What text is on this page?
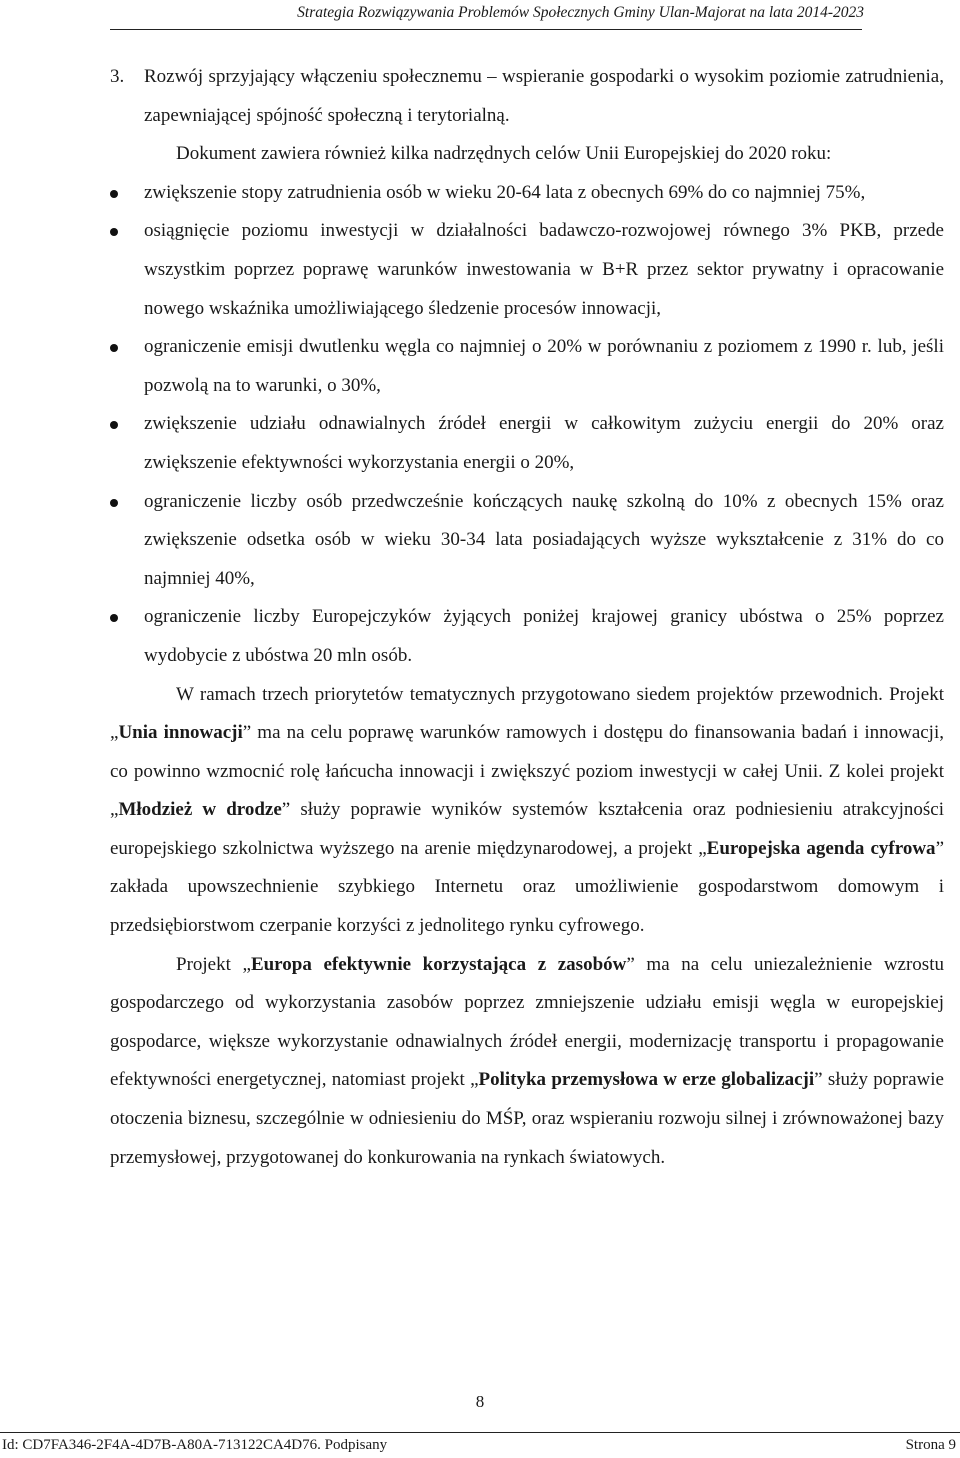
Strategia Rozwiązywania Problemów Społecznych Gminy Ulan-Majorat na lata 2014-2023
3.	Rozwój sprzyjający włączeniu społecznemu – wspieranie gospodarki o wysokim poziomie zatrudnienia, zapewniającej spójność społeczną i terytorialną.

Dokument zawiera również kilka nadrzędnych celów Unii Europejskiej do 2020 roku:

zwiększenie stopy zatrudnienia osób w wieku 20-64 lata z obecnych 69% do co najmniej 75%,
osiągnięcie poziomu inwestycji w działalności badawczo-rozwojowej równego 3% PKB, przede wszystkim poprzez poprawę warunków inwestowania w B+R przez sektor prywatny i opracowanie nowego wskaźnika umożliwiającego śledzenie procesów innowacji,
ograniczenie emisji dwutlenku węgla co najmniej o 20% w porównaniu z poziomem z 1990 r. lub, jeśli pozwolą na to warunki, o 30%,
zwiększenie udziału odnawialnych źródeł energii w całkowitym zużyciu energii do 20% oraz zwiększenie efektywności wykorzystania energii o 20%,
ograniczenie liczby osób przedwcześnie kończących naukę szkolną do 10% z obecnych 15% oraz zwiększenie odsetka osób w wieku 30-34 lata posiadających wyższe wykształcenie z 31% do co najmniej 40%,
ograniczenie liczby Europejczyków żyjących poniżej krajowej granicy ubóstwa o 25% poprzez wydobycie z ubóstwa 20 mln osób.

W ramach trzech priorytetów tematycznych przygotowano siedem projektów przewodnich. Projekt „Unia innowacji” ma na celu poprawę warunków ramowych i dostępu do finansowania badań i innowacji, co powinno wzmocnić rolę łańcucha innowacji i zwiększyć poziom inwestycji w całej Unii. Z kolei projekt „Młodzież w drodze” służy poprawie wyników systemów kształcenia oraz podniesieniu atrakcyjności europejskiego szkolnictwa wyższego na arenie międzynarodowej, a projekt „Europejska agenda cyfrowa” zakłada upowszechnienie szybkiego Internetu oraz umożliwienie gospodarstwom domowym i przedsiębiorstwom czerpanie korzyści z jednolitego rynku cyfrowego.

Projekt „Europa efektywnie korzystająca z zasobów” ma na celu uniezależnienie wzrostu gospodarczego od wykorzystania zasobów poprzez zmniejszenie udziału emisji węgla w europejskiej gospodarce, większe wykorzystanie odnawialnych źródeł energii, modernizację transportu i propagowanie efektywności energetycznej, natomiast projekt „Polityka przemysłowa w erze globalizacji” służy poprawie otoczenia biznesu, szczególnie w odniesieniu do MŚP, oraz wspieraniu rozwoju silnej i zrównoważonej bazy przemysłowej, przygotowanej do konkurowania na rynkach światowych.

8
Id: CD7FA346-2F4A-4D7B-A80A-713122CA4D76. Podpisany	Strona 9
